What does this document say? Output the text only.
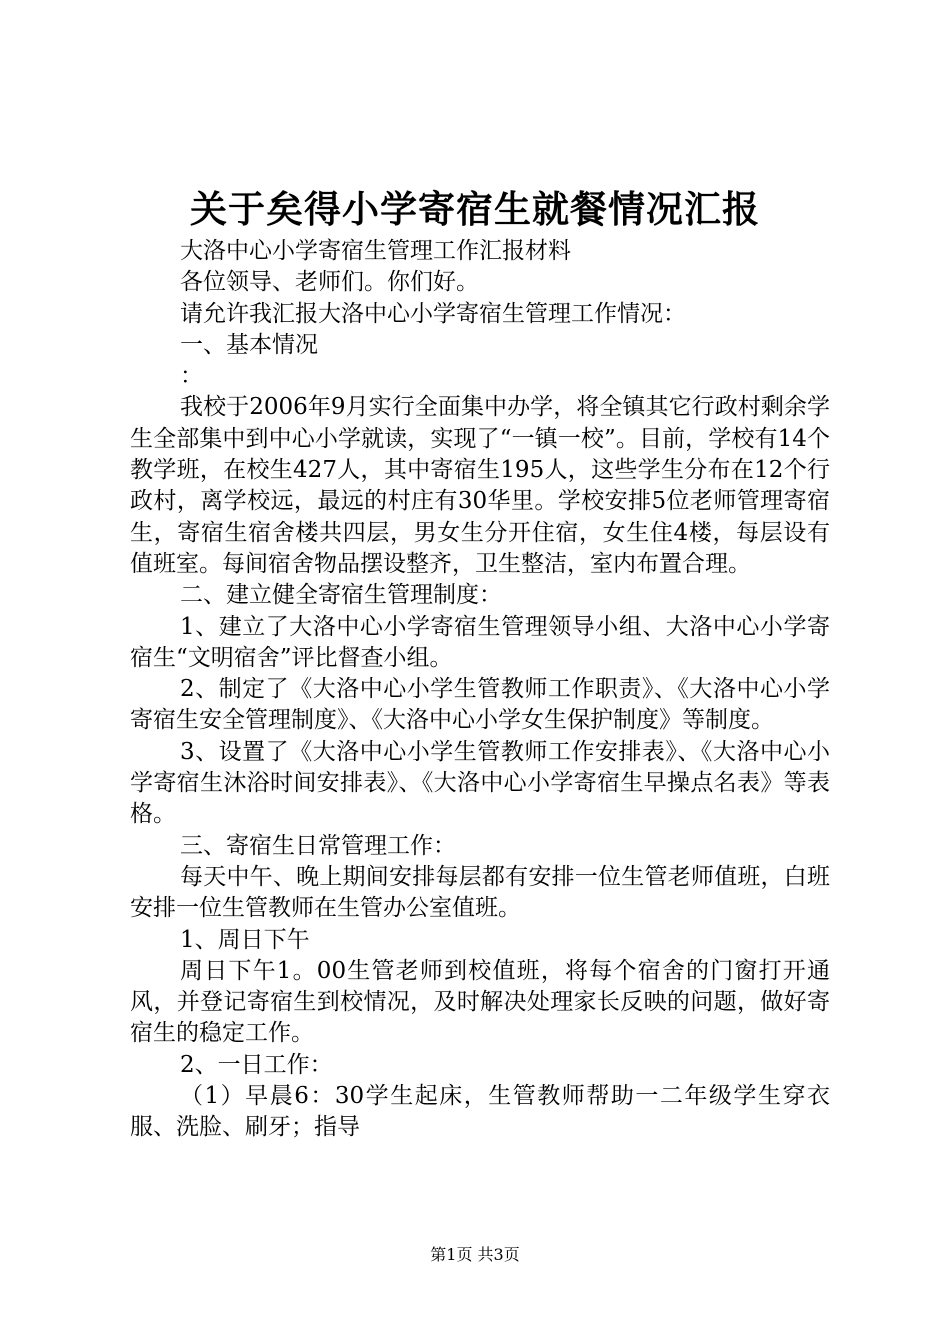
关于矣得小学寄宿生就餐情况汇报

大洛中心小学寄宿生管理工作汇报材料

各位领导、老师们。你们好。

请允许我汇报大洛中心小学寄宿生管理工作情况：

一、基本情况

：

我校于2006年9月实行全面集中办学，将全镇其它行政村剩余学生全部集中到中心小学就读，实现了“一镇一校”。目前，学校有14个教学班，在校生427人，其中寄宿生195人，这些学生分布在12个行政村，离学校远，最远的村庄有30华里。学校安排5位老师管理寄宿生，寄宿生宿舍楼共四层，男女生分开住宿，女生住4楼，每层设有值班室。每间宿舍物品摆设整齐，卫生整洁，室内布置合理。

二、建立健全寄宿生管理制度：

1、建立了大洛中心小学寄宿生管理领导小组、大洛中心小学寄宿生“文明宿舍”评比督查小组。

2、制定了《大洛中心小学生管教师工作职责》、《大洛中心小学寄宿生安全管理制度》、《大洛中心小学女生保护制度》等制度。

3、设置了《大洛中心小学生管教师工作安排表》、《大洛中心小学寄宿生沐浴时间安排表》、《大洛中心小学寄宿生早操点名表》等表格。

三、寄宿生日常管理工作：

每天中午、晚上期间安排每层都有安排一位生管老师值班，白班安排一位生管教师在生管办公室值班。

1、周日下午

周日下午1。00生管老师到校值班，将每个宿舍的门窗打开通风，并登记寄宿生到校情况，及时解决处理家长反映的问题，做好寄宿生的稳定工作。

2、一日工作：

（1）早晨6：30学生起床，生管教师帮助一二年级学生穿衣服、洗脸、刷牙；指导

第1页 共3页
